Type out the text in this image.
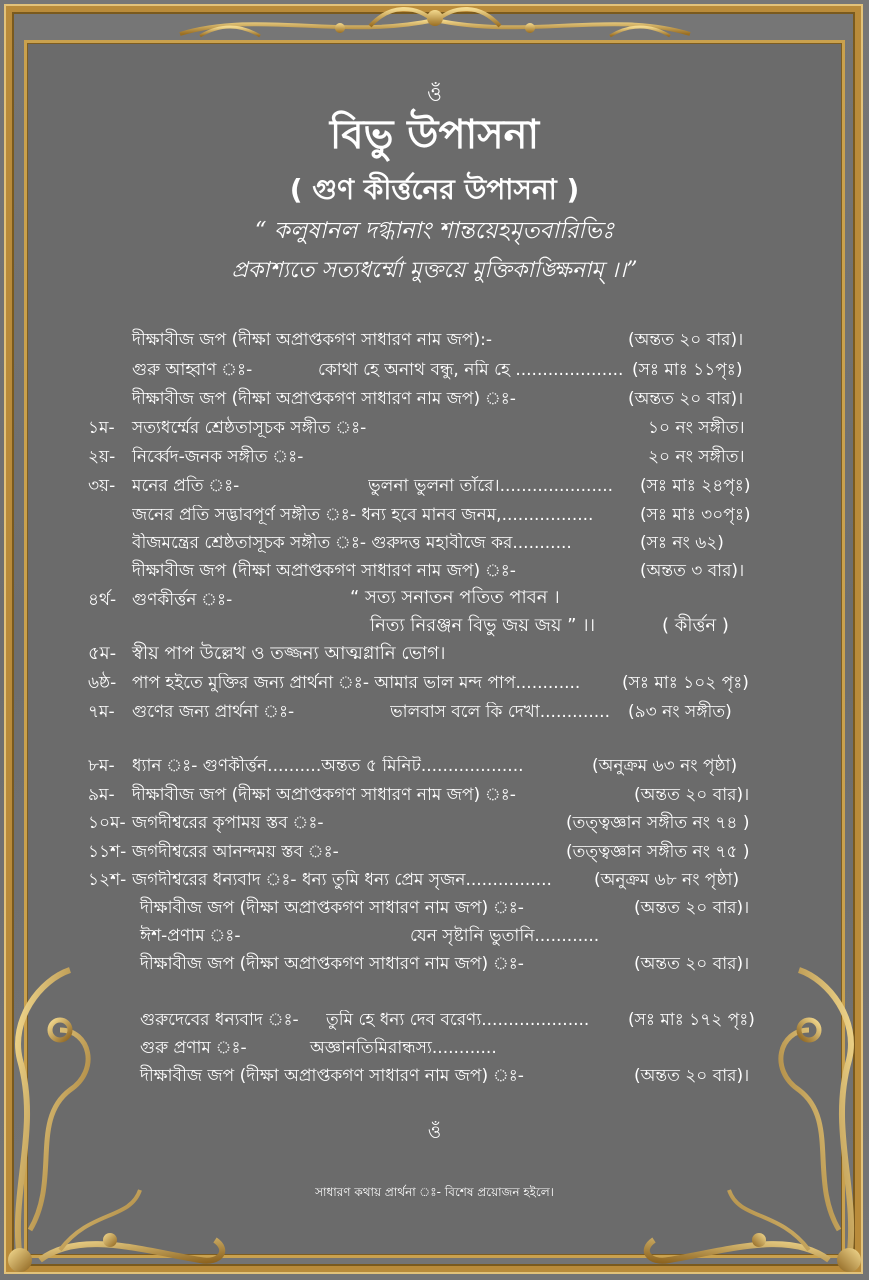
ওঁ
বিভু উপাসনা
( গুণ কীৰ্ত্তনের উপাসনা )
“ কলুষানল দগ্ধানাং শান্তয়েহমৃতবারিভিঃ
প্রকাশ্যতে সত্যধর্ম্মো মুক্তয়ে মুক্তিকাঙ্ক্ষিনাম্ ।।”
দীক্ষাবীজ জপ (দীক্ষা অপ্রাপ্তকগণ সাধারণ নাম জপ):-	(অন্তত ২০ বার)।
গুরু আহ্বাণ ঃ-	কোথা হে অনাথ বন্ধু, নমি হে .................... (সঃ মাঃ ১১পৃঃ)
দীক্ষাবীজ জপ (দীক্ষা অপ্রাপ্তকগণ সাধারণ নাম জপ) ঃ-	(অন্তত ২০ বার)।
১ম- সত্যধর্ম্মের শ্রেষ্ঠতাসূচক সঙ্গীত ঃ-	১০ নং সঙ্গীত।
২য়- নির্ব্বেদ-জনক সঙ্গীত ঃ-	২০ নং সঙ্গীত।
৩য়- মনের প্রতি ঃ-	ভুলনা ভুলনা তাঁরে।.....................	(সঃ মাঃ ২৪পৃঃ)
জনের প্রতি সদ্ভাবপূর্ণ সঙ্গীত ঃ- ধন্য হবে মানব জনম,.................	(সঃ মাঃ ৩০পৃঃ)
বীজমন্ত্রের শ্রেষ্ঠতাসূচক সঙ্গীত ঃ- গুরুদত্ত মহাবীজে কর...........	(সঃ নং ৬২)
দীক্ষাবীজ জপ (দীক্ষা অপ্রাপ্তকগণ সাধারণ নাম জপ) ঃ-	(অন্তত ৩ বার)।
৪র্থ- গুণকীৰ্ত্তন ঃ-	“ সত্য সনাতন পতিত পাবন ।
নিত্য নিরঞ্জন বিভু জয় জয় ” ।।	( কীৰ্ত্তন )
৫ম- স্বীয় পাপ উল্লেখ ও তজ্জন্য আত্মগ্লানি ভোগ।
৬ষ্ঠ- পাপ হইতে মুক্তির জন্য প্রার্থনা ঃ- আমার ভাল মন্দ পাপ............	(সঃ মাঃ ১০২ পৃঃ)
৭ম- গুণের জন্য প্রার্থনা ঃ-	ভালবাস বলে কি দেখা.............	(৯৩ নং সঙ্গীত)
৮ম- ধ্যান ঃ- গুণকীৰ্ত্তন..........অন্তত ৫ মিনিট...................	(অনুক্রম ৬৩ নং পৃষ্ঠা)
৯ম- দীক্ষাবীজ জপ (দীক্ষা অপ্রাপ্তকগণ সাধারণ নাম জপ) ঃ-	(অন্তত ২০ বার)।
১০ম- জগদীশ্বরের কৃপাময় স্তব ঃ-	(তত্ত্বজ্ঞান সঙ্গীত নং ৭৪ )
১১শ- জগদীশ্বরের আনন্দময় স্তব ঃ-	(তত্ত্বজ্ঞান সঙ্গীত নং ৭৫ )
১২শ- জগদীশ্বরের ধন্যবাদ ঃ- ধন্য তুমি ধন্য প্রেম সৃজন................	(অনুক্রম ৬৮ নং পৃষ্ঠা)
দীক্ষাবীজ জপ (দীক্ষা অপ্রাপ্তকগণ সাধারণ নাম জপ) ঃ-	(অন্তত ২০ বার)।
ঈশ-প্রণাম ঃ-	যেন সৃষ্টানি ভুতানি............
দীক্ষাবীজ জপ (দীক্ষা অপ্রাপ্তকগণ সাধারণ নাম জপ) ঃ-	(অন্তত ২০ বার)।
গুরুদেবের ধন্যবাদ ঃ- তুমি হে ধন্য দেব বরেণ্য....................	(সঃ মাঃ ১৭২ পৃঃ)
গুরু প্রণাম ঃ-	অজ্ঞানতিমিরান্ধস্য............
দীক্ষাবীজ জপ (দীক্ষা অপ্রাপ্তকগণ সাধারণ নাম জপ) ঃ-	(অন্তত ২০ বার)।
ওঁ
সাধারণ কথায় প্রার্থনা ঃ- বিশেষ প্রয়োজন হইলে।
